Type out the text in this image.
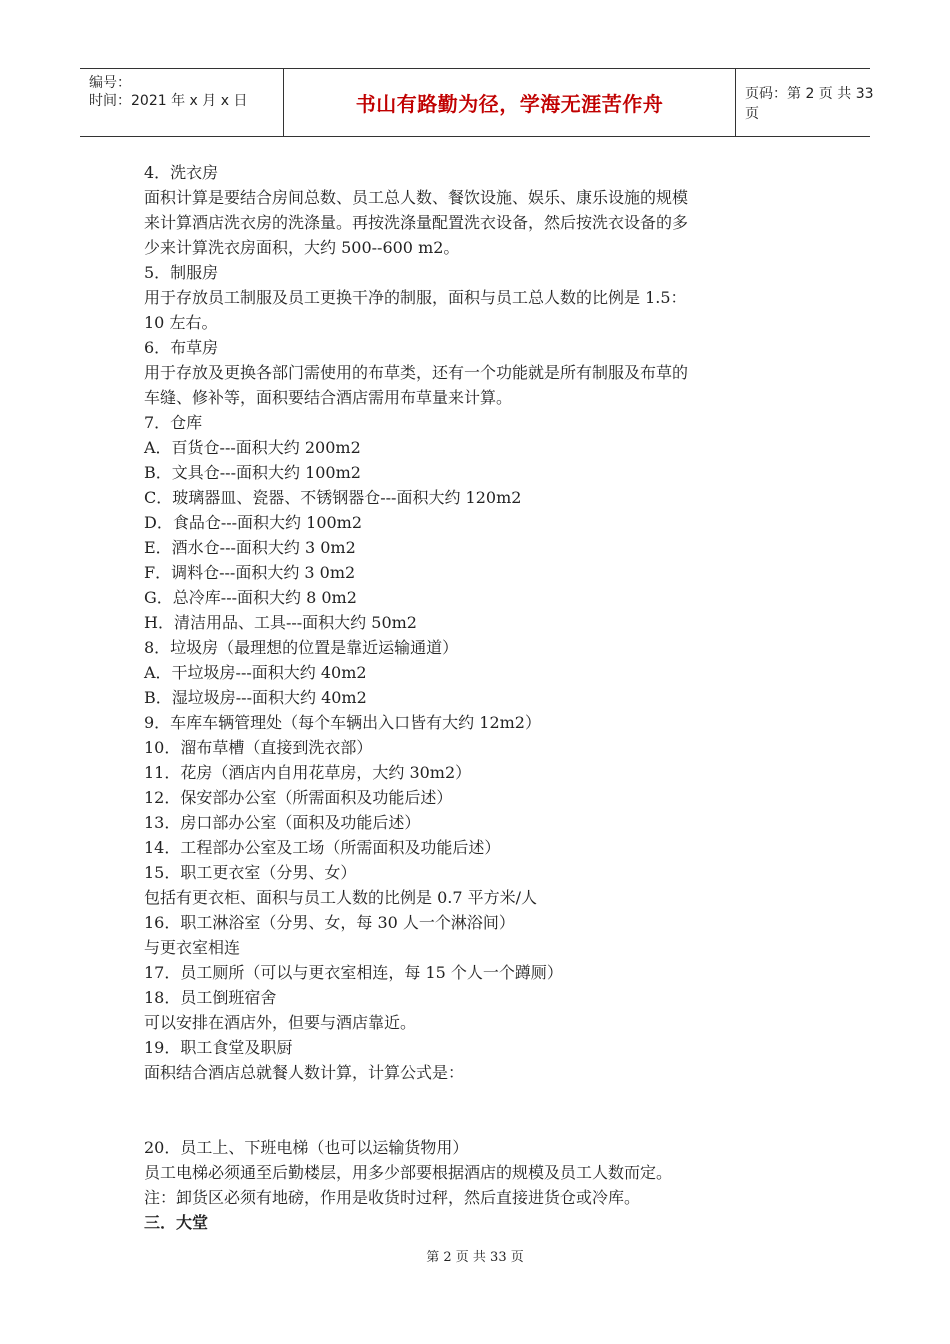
编号：
时间：2021 年 x 月 x 日	书山有路勤为径，学海无涯苦作舟	页码：第 2 页 共 33 页
4．洗衣房
面积计算是要结合房间总数、员工总人数、餐饮设施、娱乐、康乐设施的规模
来计算酒店洗衣房的洗涤量。再按洗涤量配置洗衣设备，然后按洗衣设备的多
少来计算洗衣房面积，大约 500--600 m2。
5．制服房
用于存放员工制服及员工更换干净的制服，面积与员工总人数的比例是 1.5：
10 左右。
6．布草房
用于存放及更换各部门需使用的布草类，还有一个功能就是所有制服及布草的
车缝、修补等，面积要结合酒店需用布草量来计算。
7．仓库
A．百货仓---面积大约 200m2
B．文具仓---面积大约 100m2
C．玻璃器皿、瓷器、不锈钢器仓---面积大约 120m2
D．食品仓---面积大约 100m2
E．酒水仓---面积大约 3 0m2
F．调料仓---面积大约 3 0m2
G．总冷库---面积大约 8 0m2
H．清洁用品、工具---面积大约 50m2
8．垃圾房（最理想的位置是靠近运输通道）
A．干垃圾房---面积大约 40m2
B．湿垃圾房---面积大约 40m2
9．车库车辆管理处（每个车辆出入口皆有大约 12m2）
10．溜布草槽（直接到洗衣部）
11．花房（酒店内自用花草房，大约 30m2）
12．保安部办公室（所需面积及功能后述）
13．房口部办公室（面积及功能后述）
14．工程部办公室及工场（所需面积及功能后述）
15．职工更衣室（分男、女）
包括有更衣柜、面积与员工人数的比例是 0.7 平方米/人
16．职工淋浴室（分男、女，每 30 人一个淋浴间）
与更衣室相连
17．员工厕所（可以与更衣室相连，每 15 个人一个蹲厕）
18．员工倒班宿舍
可以安排在酒店外，但要与酒店靠近。
19．职工食堂及职厨
面积结合酒店总就餐人数计算，计算公式是：
20．员工上、下班电梯（也可以运输货物用）
员工电梯必须通至后勤楼层，用多少部要根据酒店的规模及员工人数而定。
注：卸货区必须有地磅，作用是收货时过秤，然后直接进货仓或冷库。
三．大堂
第 2 页 共 33 页
